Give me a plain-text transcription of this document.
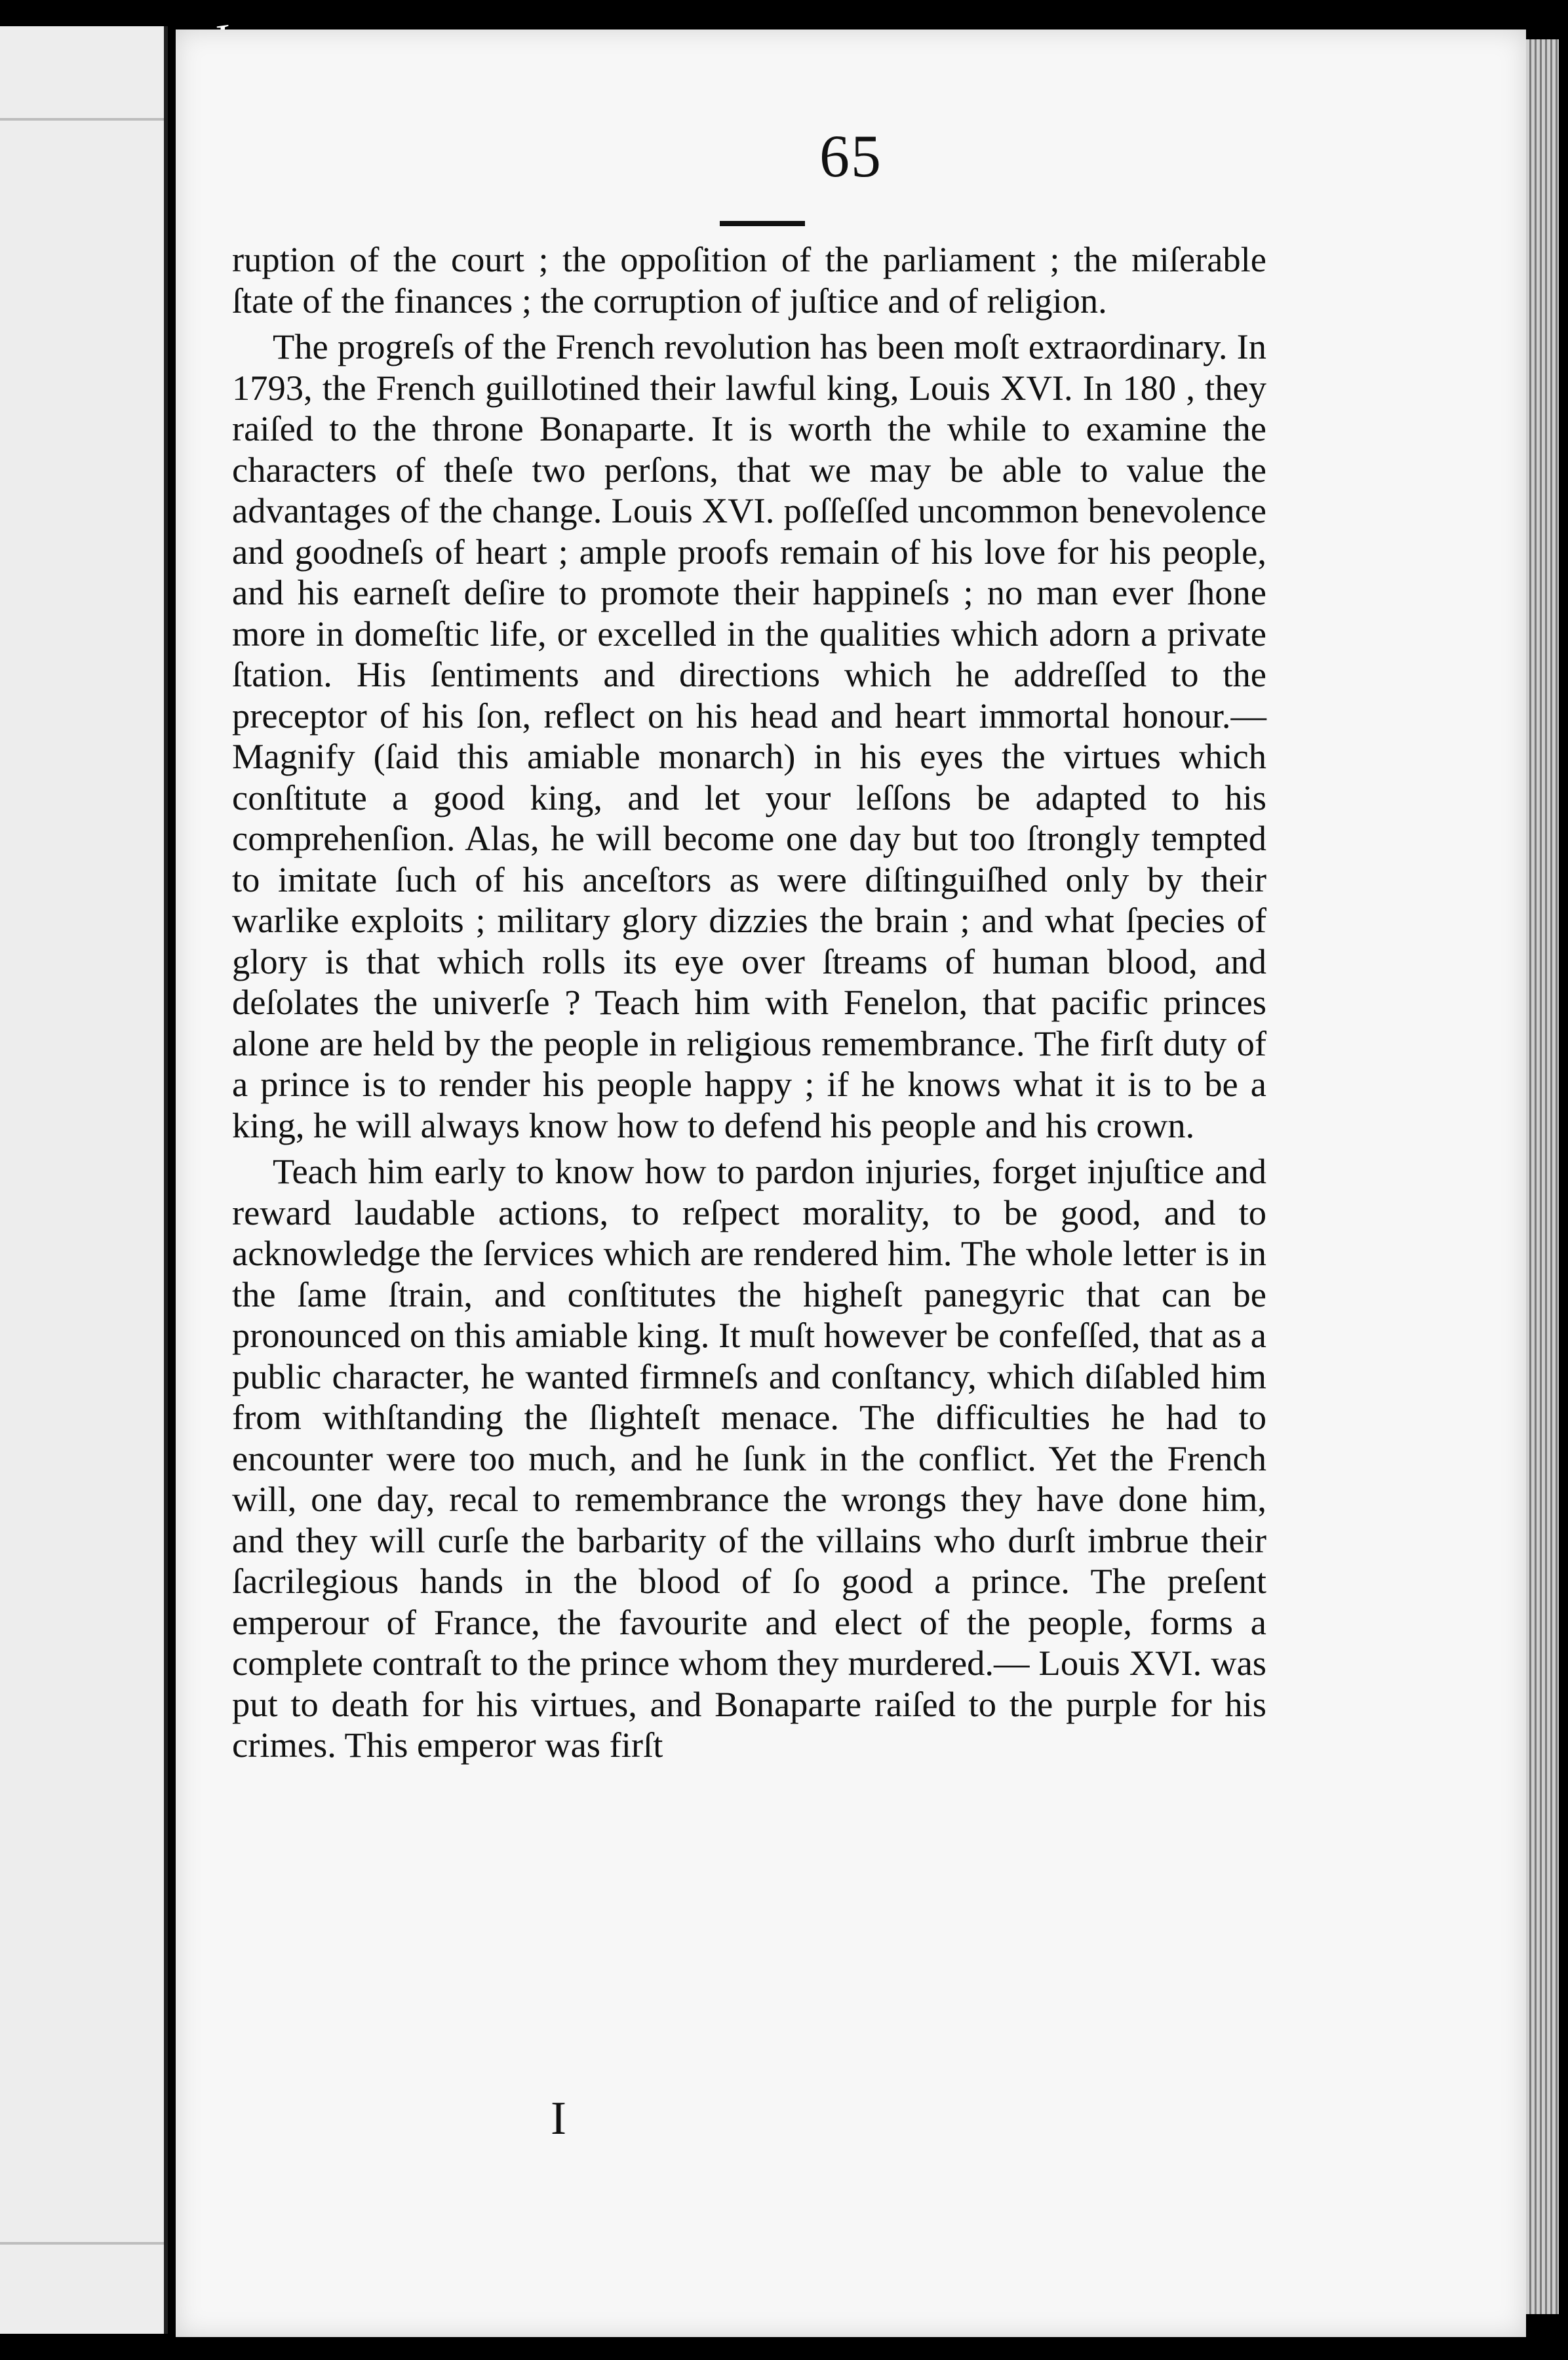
65

ruption of the court ; the oppoſition of the parliament ; the miſerable ſtate of the finances ; the corruption of juſtice and of religion.

The progreſs of the French revolution has been moſt extraordinary. In 1793, the French guillotined their lawful king, Louis XVI. In 180 , they raiſed to the throne Bonaparte. It is worth the while to examine the characters of theſe two perſons, that we may be able to value the advantages of the change. Louis XVI. poſſeſſed uncommon benevolence and goodneſs of heart ; ample proofs remain of his love for his people, and his earneſt deſire to promote their happineſs ; no man ever ſhone more in domeſtic life, or excelled in the qualities which adorn a private ſtation. His ſentiments and directions which he addreſſed to the preceptor of his ſon, reflect on his head and heart immortal honour.— Magnify (ſaid this amiable monarch) in his eyes the virtues which conſtitute a good king, and let your leſſons be adapted to his comprehenſion. Alas, he will become one day but too ſtrongly tempted to imitate ſuch of his anceſtors as were diſtinguiſhed only by their warlike exploits ; military glory dizzies the brain ; and what ſpecies of glory is that which rolls its eye over ſtreams of human blood, and deſolates the univerſe ? Teach him with Fenelon, that pacific princes alone are held by the people in religious remembrance. The firſt duty of a prince is to render his people happy ; if he knows what it is to be a king, he will always know how to defend his people and his crown.

Teach him early to know how to pardon injuries, forget injuſtice and reward laudable actions, to reſpect morality, to be good, and to acknowledge the ſervices which are rendered him. The whole letter is in the ſame ſtrain, and conſtitutes the higheſt panegyric that can be pronounced on this amiable king. It muſt however be confeſſed, that as a public character, he wanted firmneſs and conſtancy, which diſabled him from withſtanding the ſlighteſt menace. The difficulties he had to encounter were too much, and he ſunk in the conflict. Yet the French will, one day, recal to remembrance the wrongs they have done him, and they will curſe the barbarity of the villains who durſt imbrue their ſacrilegious hands in the blood of ſo good a prince. The preſent emperour of France, the favourite and elect of the people, forms a complete contraſt to the prince whom they murdered.— Louis XVI. was put to death for his virtues, and Bonaparte raiſed to the purple for his crimes. This emperor was firſt

I
